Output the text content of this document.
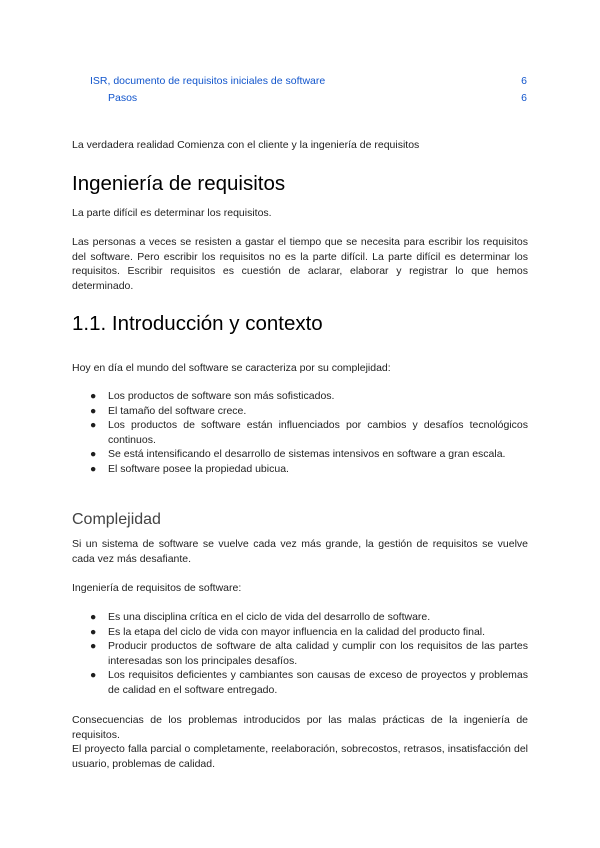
ISR, documento de requisitos iniciales de software	6
Pasos	6
La verdadera realidad Comienza con el cliente y la ingeniería de requisitos
Ingeniería de requisitos
La parte difícil es determinar los requisitos.
Las personas a veces se resisten a gastar el tiempo que se necesita para escribir los requisitos del software. Pero escribir los requisitos no es la parte difícil. La parte difícil es determinar los requisitos. Escribir requisitos es cuestión de aclarar, elaborar y registrar lo que hemos determinado.
1.1. Introducción y contexto
Hoy en día el mundo del software se caracteriza por su complejidad:
● Los productos de software son más sofisticados.
● El tamaño del software crece.
● Los productos de software están influenciados por cambios y desafíos tecnológicos continuos.
● Se está intensificando el desarrollo de sistemas intensivos en software a gran escala.
● El software posee la propiedad ubicua.
Complejidad
Si un sistema de software se vuelve cada vez más grande, la gestión de requisitos se vuelve cada vez más desafiante.
Ingeniería de requisitos de software:
● Es una disciplina crítica en el ciclo de vida del desarrollo de software.
● Es la etapa del ciclo de vida con mayor influencia en la calidad del producto final.
● Producir productos de software de alta calidad y cumplir con los requisitos de las partes interesadas son los principales desafíos.
● Los requisitos deficientes y cambiantes son causas de exceso de proyectos y problemas de calidad en el software entregado.
Consecuencias de los problemas introducidos por las malas prácticas de la ingeniería de requisitos.
El proyecto falla parcial o completamente, reelaboración, sobrecostos, retrasos, insatisfacción del usuario, problemas de calidad.
